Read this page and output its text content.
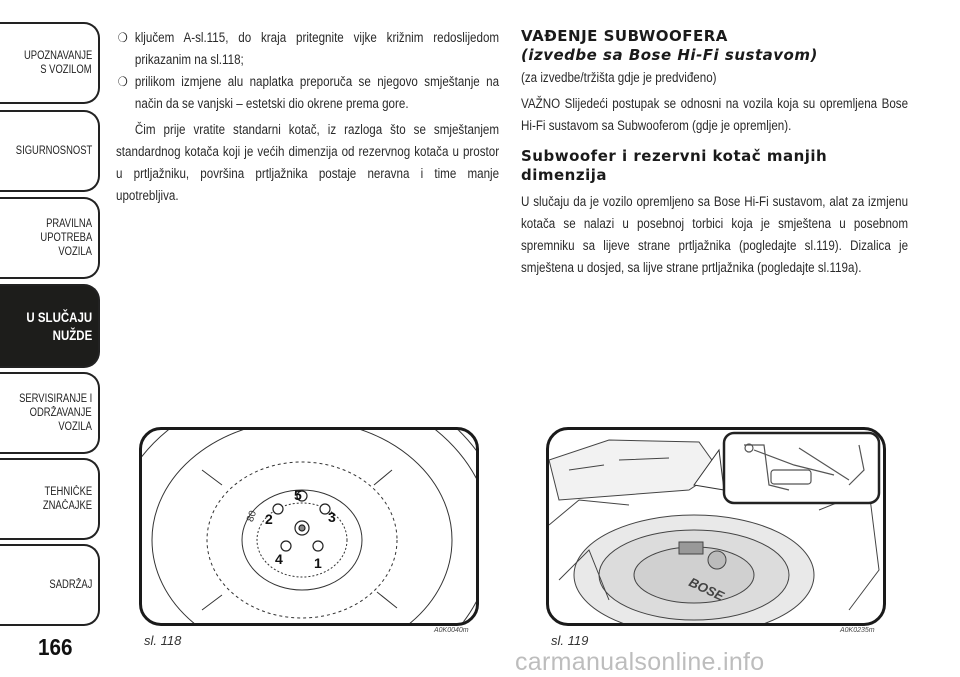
UPOZNAVANJE
S VOZILOM
SIGURNOSNOST
PRAVILNA
UPOTREBA
VOZILA
U SLUČAJU
NUŽDE
SERVISIRANJE I
ODRŽAVANJE
VOZILA
TEHNIČKE
ZNAČAJKE
SADRŽAJ
166

❍ ključem A-sl.115, do kraja pritegnite vijke križnim redoslijedom prikazanim na sl.118;

❍ prilikom izmjene alu naplatka preporuča se njegovo smještanje na način da se vanjski – estetski dio okrene prema gore.

Čim prije vratite standarni kotač, iz razloga što se smještanjem standardnog kotača koji je većih dimenzija od rezervnog kotača u prostor u prtljažniku, površina prtljažnika postaje neravna i time manje upotrebljiva.

VAĐENJE SUBWOOFERA
(izvedbe sa Bose Hi-Fi sustavom)

(za izvedbe/tržišta gdje je predviđeno)

VAŽNO Slijedeći postupak se odnosni na vozila koja su opremljena Bose Hi-Fi sustavom sa Subwooferom (gdje je opremljen).

Subwoofer i rezervni kotač manjih
dimenzija

U slučaju da je vozilo opremljeno sa Bose Hi-Fi sustavom, alat za izmjenu kotača se nalazi u posebnoj torbici koja je smještena u posebnom spremniku sa lijeve strane prtljažnika (pogledajte sl.119). Dizalica je smještena u dosjed, sa lijve strane prtljažnika (pogledajte sl.119a).

5
3
1
4
2
80
sl. 118
A0K0040m
BOSE
sl. 119
A0K0235m
carmanualsonline.info
